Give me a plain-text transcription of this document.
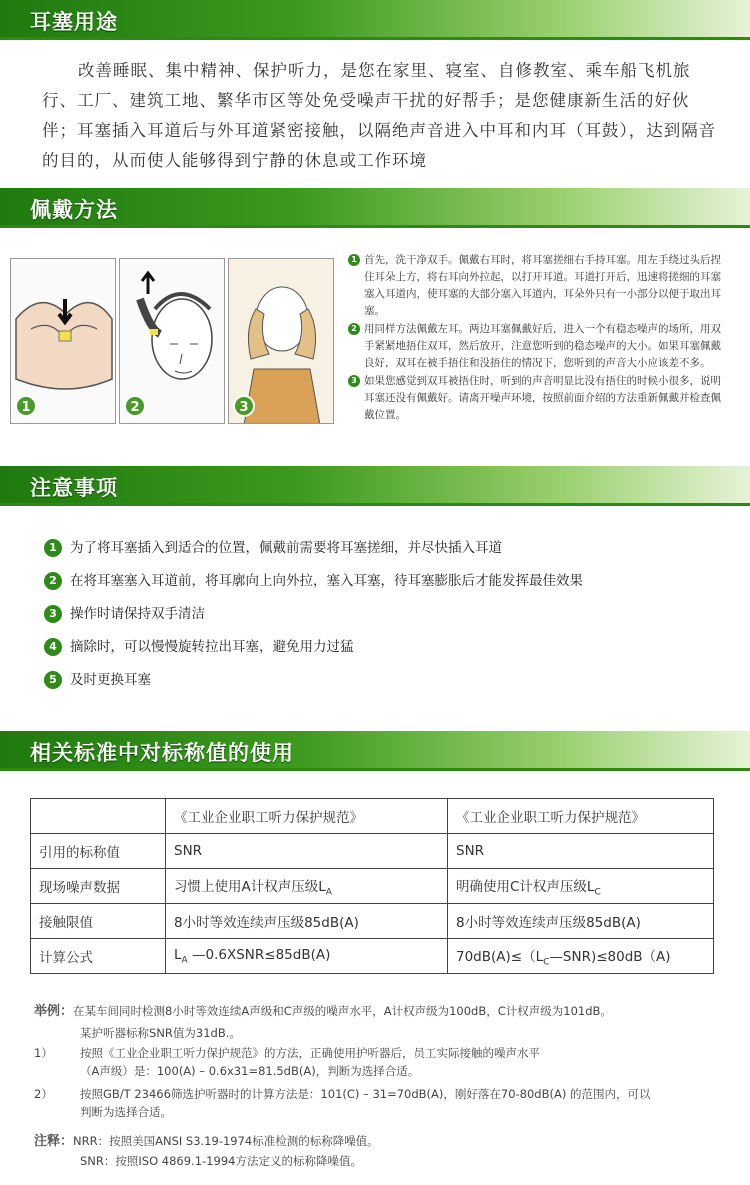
耳塞用途

改善睡眠、集中精神、保护听力，是您在家里、寝室、自修教室、乘车船飞机旅行、工厂、建筑工地、繁华市区等处免受噪声干扰的好帮手；是您健康新生活的好伙伴；耳塞插入耳道后与外耳道紧密接触，以隔绝声音进入中耳和内耳（耳鼓），达到隔音的目的，从而使人能够得到宁静的休息或工作环境

佩戴方法
1	2	3
1 首先，洗干净双手。佩戴右耳时，将耳塞搓细右手持耳塞。用左手绕过头后捏住耳朵上方，将右耳向外拉起，以打开耳道。耳道打开后，迅速将搓细的耳塞塞入耳道内，使耳塞的大部分塞入耳道内，耳朵外只有一小部分以便于取出耳塞。
2 用同样方法佩戴左耳。两边耳塞佩戴好后，进入一个有稳态噪声的场所，用双手紧紧地捂住双耳，然后放开，注意您听到的稳态噪声的大小。如果耳塞佩戴良好，双耳在被手捂住和没捂住的情况下，您听到的声音大小应该差不多。
3 如果您感觉到双耳被捂住时，听到的声音明显比没有捂住的时候小很多，说明耳塞还没有佩戴好。请离开噪声环境，按照前面介绍的方法重新佩戴并检查佩戴位置。
注意事项
1 为了将耳塞插入到适合的位置，佩戴前需要将耳塞搓细，并尽快插入耳道
2 在将耳塞塞入耳道前，将耳廓向上向外拉，塞入耳塞，待耳塞膨胀后才能发挥最佳效果
3 操作时请保持双手清洁
4 摘除时，可以慢慢旋转拉出耳塞，避免用力过猛
5 及时更换耳塞
相关标准中对标称值的使用
	《工业企业职工听力保护规范》	《工业企业职工听力保护规范》
引用的标称值	SNR	SNR
现场噪声数据	习惯上使用A计权声压级$L_A$	明确使用C计权声压级$L_C$
接触限值	8小时等效连续声压级85dB(A)	8小时等效连续声压级85dB(A)
计算公式	$L_A$ —0.6XSNR≤85dB(A)	$70dB(A)\le(L_C—SNR)\le 80dB(A)$
举例：在某车间同时检测8小时等效连续A声级和C声级的噪声水平，A计权声级为100dB，C计权声级为101dB。
某护听器标称SNR值为31dB.。
1） 按照《工业企业职工听力保护规范》的方法，正确使用护听器后，员工实际接触的噪声水平
（A声级）是：100(A) – 0.6x31=81.5dB(A)，判断为选择合适。
2） 按照GB/T 23466筛选护听器时的计算方法是：101(C) – 31=70dB(A)，刚好落在70-80dB(A) 的范围内，可以
判断为选择合适。
注释：NRR：按照美国ANSI S3.19-1974标准检测的标称降噪值。
SNR：按照ISO 4869.1-1994方法定义的标称降噪值。
